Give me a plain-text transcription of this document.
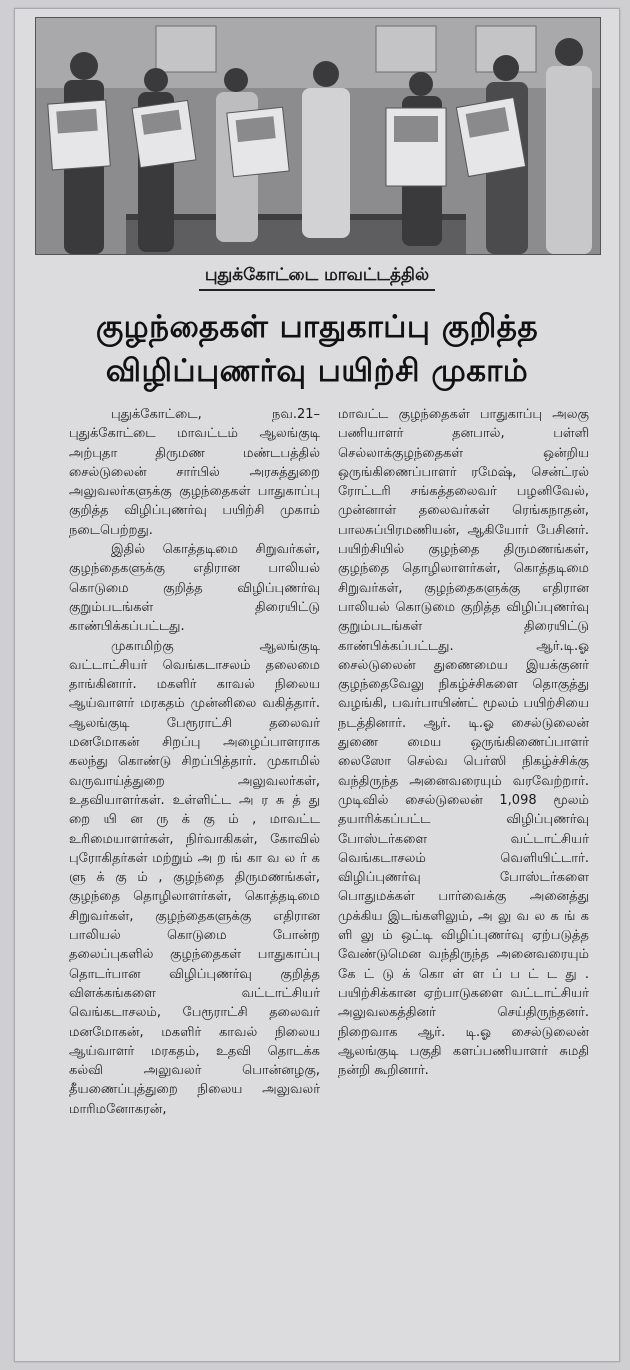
புதுக்கோட்டை மாவட்டத்தில்
குழந்தைகள் பாதுகாப்பு குறித்த
விழிப்புணர்வு பயிற்சி முகாம்

புதுக்கோட்டை, நவ.21– புதுக்கோட்டை மாவட்டம் ஆலங்குடி அற்புதா திருமண மண்டபத்தில் சைல்டுலைன் சார்பில் அரசுத்துறை அலுவலர்களுக்கு குழந்தைகள் பாதுகாப்பு குறித்த விழிப்புணர்வு பயிற்சி முகாம் நடைபெற்றது.

இதில் கொத்தடிமை சிறுவர்கள், குழந்தைகளுக்கு எதிரான பாலியல் கொடுமை குறித்த விழிப்புணர்வு குறும்படங்கள் திரையிட்டு காண்பிக்கப்பட்டது.

முகாமிற்கு ஆலங்குடி வட்டாட்சியர் வெங்கடாசலம் தலைமை தாங்கினார். மகளிர் காவல் நிலைய ஆய்வாளர் மரகதம் முன்னிலை வகித்தார். ஆலங்குடி பேரூராட்சி தலைவர் மனமோகன் சிறப்பு அழைப்பாளராக கலந்து கொண்டு சிறப்பித்தார். முகாமில் வருவாய்த்துறை அலுவலர்கள், உதவியாளர்கள். உள்ளிட்ட அ ர சு த் து றை யி ன ரு க் கு ம் , மாவட்ட உரிமையாளர்கள், நிர்வாகிகள், கோவில் புரோகிதர்கள் மற்றும் அ ற ங் கா வ ல ர் க ளு க் கு ம் , குழந்தை திருமணங்கள், குழந்தை தொழிலாளர்கள், கொத்தடிமை சிறுவர்கள், குழந்தைகளுக்கு எதிரான பாலியல் கொடுமை போன்ற தலைப்புகளில் குழந்தைகள் பாதுகாப்பு தொடர்பான விழிப்புணர்வு குறித்த விளக்கங்களை வட்டாட்சியர் வெங்கடாசலம், பேரூராட்சி தலைவர் மனமோகன், மகளிர் காவல் நிலைய ஆய்வாளர் மரகதம், உதவி தொடக்க கல்வி அலுவலர் பொன்னழகு, தீயணைப்புத்துறை நிலைய அலுவலர் மாரிமனோகரன்,

மாவட்ட குழந்தைகள் பாதுகாப்பு அலகு பணியாளர் தனபால், பள்ளி செல்லாக்குழந்தைகள் ஒன்றிய ஒருங்கிணைப்பாளர் ரமேஷ், சென்ட்ரல் ரோட்டரி சங்கத்தலைவர் பழனிவேல், முன்னாள் தலைவர்கள் ரெங்கநாதன், பாலசுப்பிரமணியன், ஆகியோர் பேசினர். பயிற்சியில் குழந்தை திருமணங்கள், குழந்தை தொழிலாளர்கள், கொத்தடிமை சிறுவர்கள், குழந்தைகளுக்கு எதிரான பாலியல் கொடுமை குறித்த விழிப்புணர்வு குறும்படங்கள் திரையிட்டு காண்பிக்கப்பட்டது. ஆர்.டி.ஓ சைல்டுலைன் துணைமைய இயக்குனர் குழந்தைவேலு நிகழ்ச்சிகளை தொகுத்து வழங்கி, பவர்பாயிண்ட் மூலம் பயிற்சியை நடத்தினார். ஆர். டி.ஓ சைல்டுலைன் துணை மைய ஒருங்கிணைப்பாளர் லைஸோ செல்வ பெர்ஸி நிகழ்ச்சிக்கு வந்திருந்த அனைவரையும் வரவேற்றார். முடிவில் சைல்டுலைன் 1,098 மூலம் தயாரிக்கப்பட்ட விழிப்புணர்வு போஸ்டர்களை வட்டாட்சியர் வெங்கடாசலம் வெளியிட்டார். விழிப்புணர்வு போஸ்டர்களை பொதுமக்கள் பார்வைக்கு அனைத்து முக்கிய இடங்களிலும், அ லு வ ல க ங் க ளி லு ம் ஒட்டி விழிப்புணர்வு ஏற்படுத்த வேண்டுமென வந்திருந்த அனைவரையும் கே ட் டு க் கொ ள் ள ப் ப ட் ட து . பயிற்சிக்கான ஏற்பாடுகளை வட்டாட்சியர் அலுவலகத்தினர் செய்திருந்தனர். நிறைவாக ஆர். டி.ஓ சைல்டுலைன் ஆலங்குடி பகுதி களப்பணியாளர் சுமதி நன்றி கூறினார்.
